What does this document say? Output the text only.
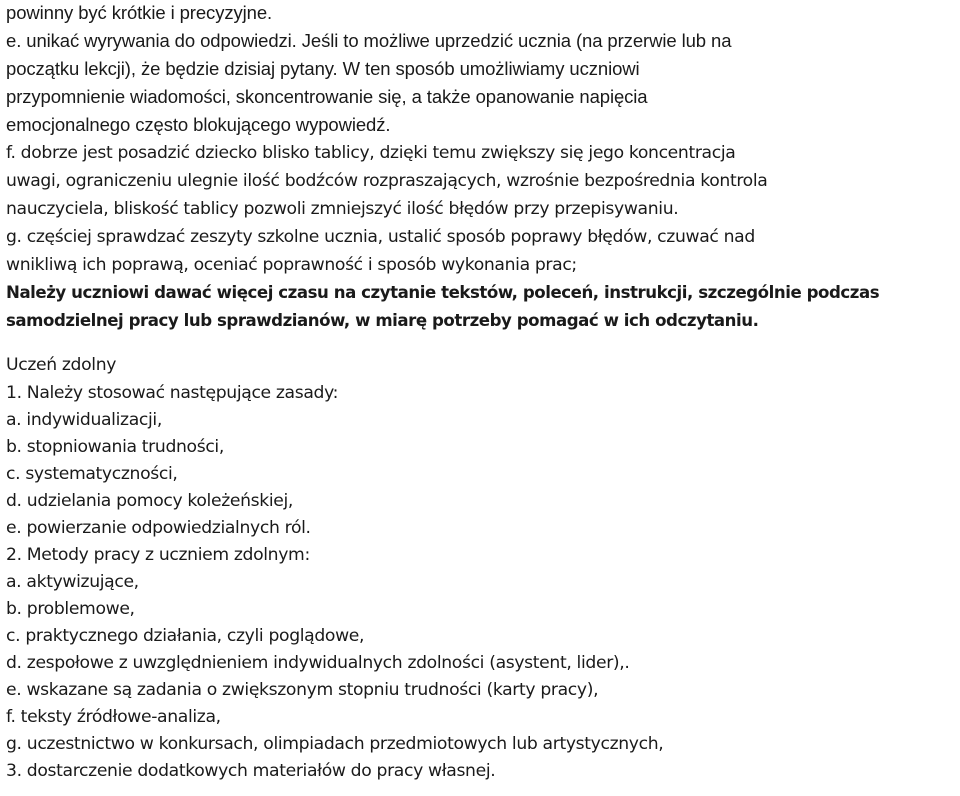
powinny być krótkie i precyzyjne.
e. unikać wyrywania do odpowiedzi. Jeśli to możliwe uprzedzić ucznia (na przerwie lub na
początku lekcji), że będzie dzisiaj pytany. W ten sposób umożliwiamy uczniowi
przypomnienie wiadomości, skoncentrowanie się, a także opanowanie napięcia
emocjonalnego często blokującego wypowiedź.
f. dobrze jest posadzić dziecko blisko tablicy, dzięki temu zwiększy się jego koncentracja
uwagi, ograniczeniu ulegnie ilość bodźców rozpraszających, wzrośnie bezpośrednia kontrola
nauczyciela, bliskość tablicy pozwoli zmniejszyć ilość błędów przy przepisywaniu.
g. częściej sprawdzać zeszyty szkolne ucznia, ustalić sposób poprawy błędów, czuwać nad
wnikliwą ich poprawą, oceniać poprawność i sposób wykonania prac;
Należy uczniowi dawać więcej czasu na czytanie tekstów, poleceń, instrukcji, szczególnie podczas
samodzielnej pracy lub sprawdzianów, w miarę potrzeby pomagać w ich odczytaniu.
Uczeń zdolny
1. Należy stosować następujące zasady:
a. indywidualizacji,
b. stopniowania trudności,
c. systematyczności,
d. udzielania pomocy koleżeńskiej,
e. powierzanie odpowiedzialnych ról.
2. Metody pracy z uczniem zdolnym:
a. aktywizujące,
b. problemowe,
c. praktycznego działania, czyli poglądowe,
d. zespołowe z uwzględnieniem indywidualnych zdolności (asystent, lider),.
e. wskazane są zadania o zwiększonym stopniu trudności (karty pracy),
f. teksty źródłowe-analiza,
g. uczestnictwo w konkursach, olimpiadach przedmiotowych lub artystycznych,
3. dostarczenie dodatkowych materiałów do pracy własnej.
